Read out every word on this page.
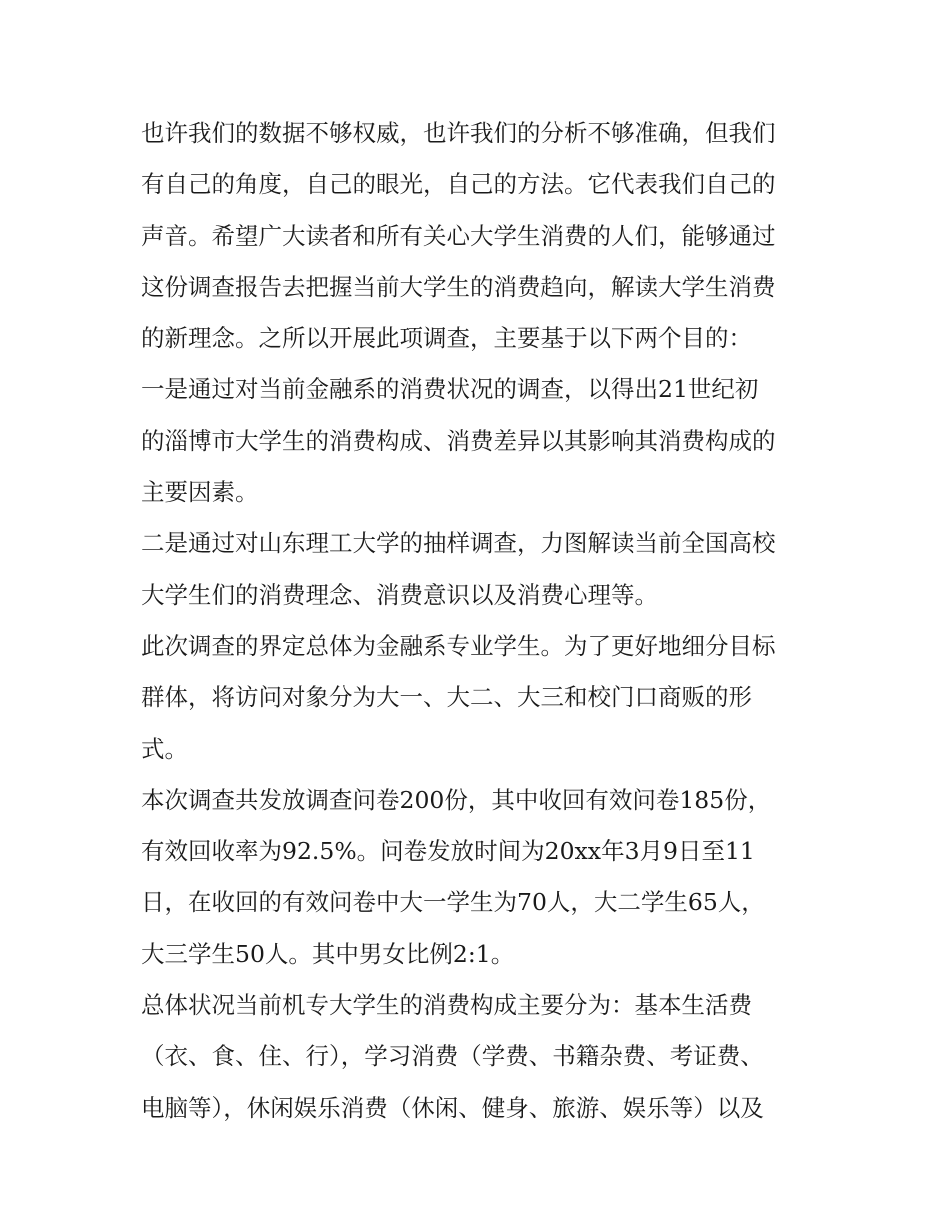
也许我们的数据不够权威，也许我们的分析不够准确，但我们
有自己的角度，自己的眼光，自己的方法。它代表我们自己的
声音。希望广大读者和所有关心大学生消费的人们，能够通过
这份调查报告去把握当前大学生的消费趋向，解读大学生消费
的新理念。之所以开展此项调查，主要基于以下两个目的：
一是通过对当前金融系的消费状况的调查，以得出21世纪初
的淄博市大学生的消费构成、消费差异以其影响其消费构成的
主要因素。
二是通过对山东理工大学的抽样调查，力图解读当前全国高校
大学生们的消费理念、消费意识以及消费心理等。
此次调查的界定总体为金融系专业学生。为了更好地细分目标
群体，将访问对象分为大一、大二、大三和校门口商贩的形
式。
本次调查共发放调查问卷200份，其中收回有效问卷185份，
有效回收率为92.5%。问卷发放时间为20xx年3月9日至11
日，在收回的有效问卷中大一学生为70人，大二学生65人，
大三学生50人。其中男女比例2:1。
总体状况当前机专大学生的消费构成主要分为：基本生活费
（衣、食、住、行），学习消费（学费、书籍杂费、考证费、
电脑等），休闲娱乐消费（休闲、健身、旅游、娱乐等）以及
